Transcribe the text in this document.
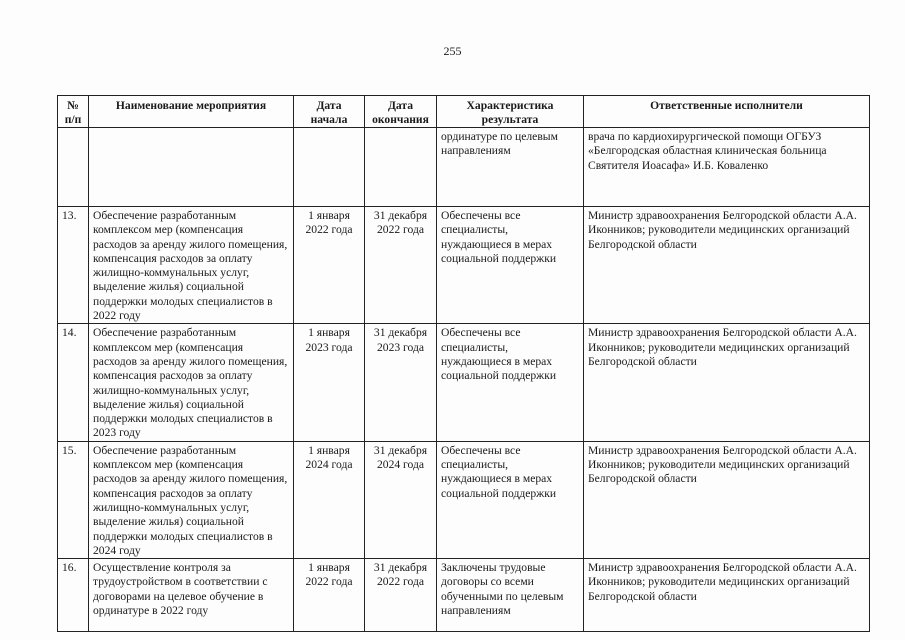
255
№ п/п	Наименование мероприятия	Дата начала	Дата окончания	Характеристика результата	Ответственные исполнители
				ординатуре по целевым направлениям	врача по кардиохирургической помощи ОГБУЗ «Белгородская областная клиническая больница Святителя Иоасафа» И.Б. Коваленко
13.	Обеспечение разработанным комплексом мер (компенсация расходов за аренду жилого помещения, компенсация расходов за оплату жилищно-коммунальных услуг, выделение жилья) социальной поддержки молодых специалистов в 2022 году	1 января 2022 года	31 декабря 2022 года	Обеспечены все специалисты, нуждающиеся в мерах социальной поддержки	Министр здравоохранения Белгородской области А.А. Иконников; руководители медицинских организаций Белгородской области
14.	Обеспечение разработанным комплексом мер (компенсация расходов за аренду жилого помещения, компенсация расходов за оплату жилищно-коммунальных услуг, выделение жилья) социальной поддержки молодых специалистов в 2023 году	1 января 2023 года	31 декабря 2023 года	Обеспечены все специалисты, нуждающиеся в мерах социальной поддержки	Министр здравоохранения Белгородской области А.А. Иконников; руководители медицинских организаций Белгородской области
15.	Обеспечение разработанным комплексом мер (компенсация расходов за аренду жилого помещения, компенсация расходов за оплату жилищно-коммунальных услуг, выделение жилья) социальной поддержки молодых специалистов в 2024 году	1 января 2024 года	31 декабря 2024 года	Обеспечены все специалисты, нуждающиеся в мерах социальной поддержки	Министр здравоохранения Белгородской области А.А. Иконников; руководители медицинских организаций Белгородской области
16.	Осуществление контроля за трудоустройством в соответствии с договорами на целевое обучение в ординатуре в 2022 году	1 января 2022 года	31 декабря 2022 года	Заключены трудовые договоры со всеми обученными по целевым направлениям	Министр здравоохранения Белгородской области А.А. Иконников; руководители медицинских организаций Белгородской области
